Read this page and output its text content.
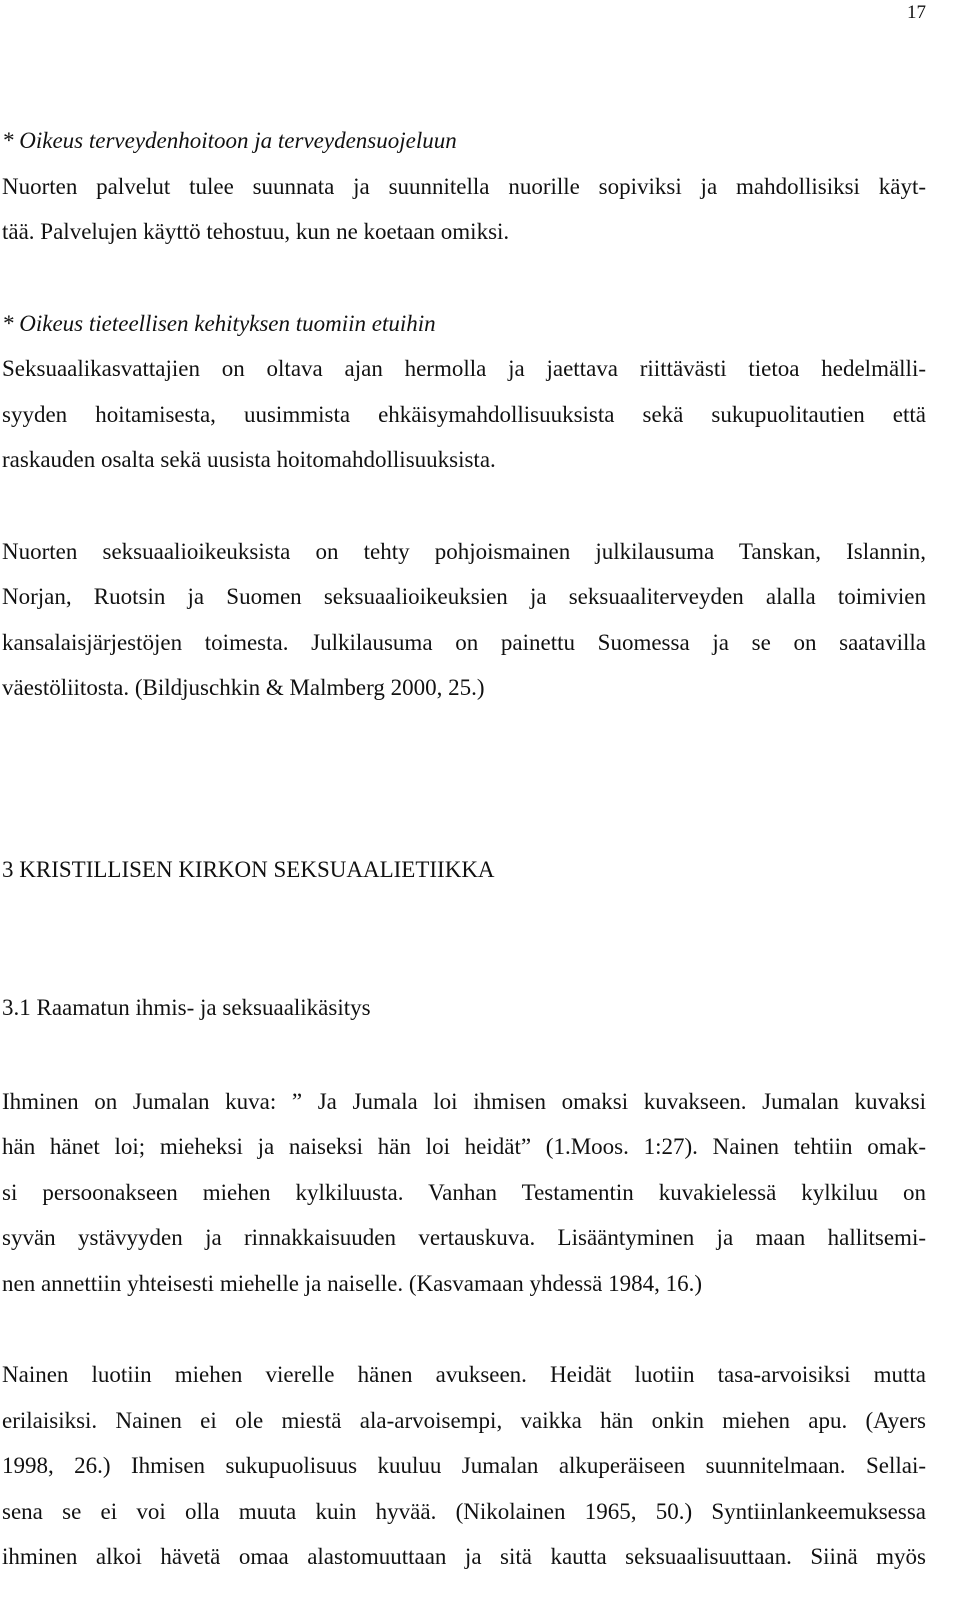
17
* Oikeus terveydenhoitoon ja terveydensuojeluun
Nuorten palvelut tulee suunnata ja suunnitella nuorille sopiviksi ja mahdollisiksi käyt-
tää. Palvelujen käyttö tehostuu, kun ne koetaan omiksi.
* Oikeus tieteellisen kehityksen tuomiin etuihin
Seksuaalikasvattajien on oltava ajan hermolla ja jaettava riittävästi tietoa hedelmälli-
syyden hoitamisesta, uusimmista ehkäisymahdollisuuksista sekä sukupuolitautien että
raskauden osalta sekä uusista hoitomahdollisuuksista.
Nuorten seksuaalioikeuksista on tehty pohjoismainen julkilausuma Tanskan, Islannin,
Norjan, Ruotsin ja Suomen seksuaalioikeuksien ja seksuaaliterveyden alalla toimivien
kansalaisjärjestöjen toimesta. Julkilausuma on painettu Suomessa ja se on saatavilla
väestöliitosta. (Bildjuschkin & Malmberg 2000, 25.)
3 KRISTILLISEN KIRKON SEKSUAALIETIIKKA
3.1 Raamatun ihmis- ja seksuaalikäsitys
Ihminen on Jumalan kuva: ” Ja Jumala loi ihmisen omaksi kuvakseen. Jumalan kuvaksi
hän hänet loi; mieheksi ja naiseksi hän loi heidät” (1.Moos. 1:27). Nainen tehtiin omak-
si persoonakseen miehen kylkiluusta. Vanhan Testamentin kuvakielessä kylkiluu on
syvän ystävyyden ja rinnakkaisuuden vertauskuva. Lisääntyminen ja maan hallitsemi-
nen annettiin yhteisesti miehelle ja naiselle. (Kasvamaan yhdessä 1984, 16.)
Nainen luotiin miehen vierelle hänen avukseen. Heidät luotiin tasa-arvoisiksi mutta
erilaisiksi. Nainen ei ole miestä ala-arvoisempi, vaikka hän onkin miehen apu. (Ayers
1998, 26.) Ihmisen sukupuolisuus kuuluu Jumalan alkuperäiseen suunnitelmaan. Sellai-
sena se ei voi olla muuta kuin hyvää. (Nikolainen 1965, 50.) Syntiinlankeemuksessa
ihminen alkoi hävetä omaa alastomuuttaan ja sitä kautta seksuaalisuuttaan. Siinä myös
